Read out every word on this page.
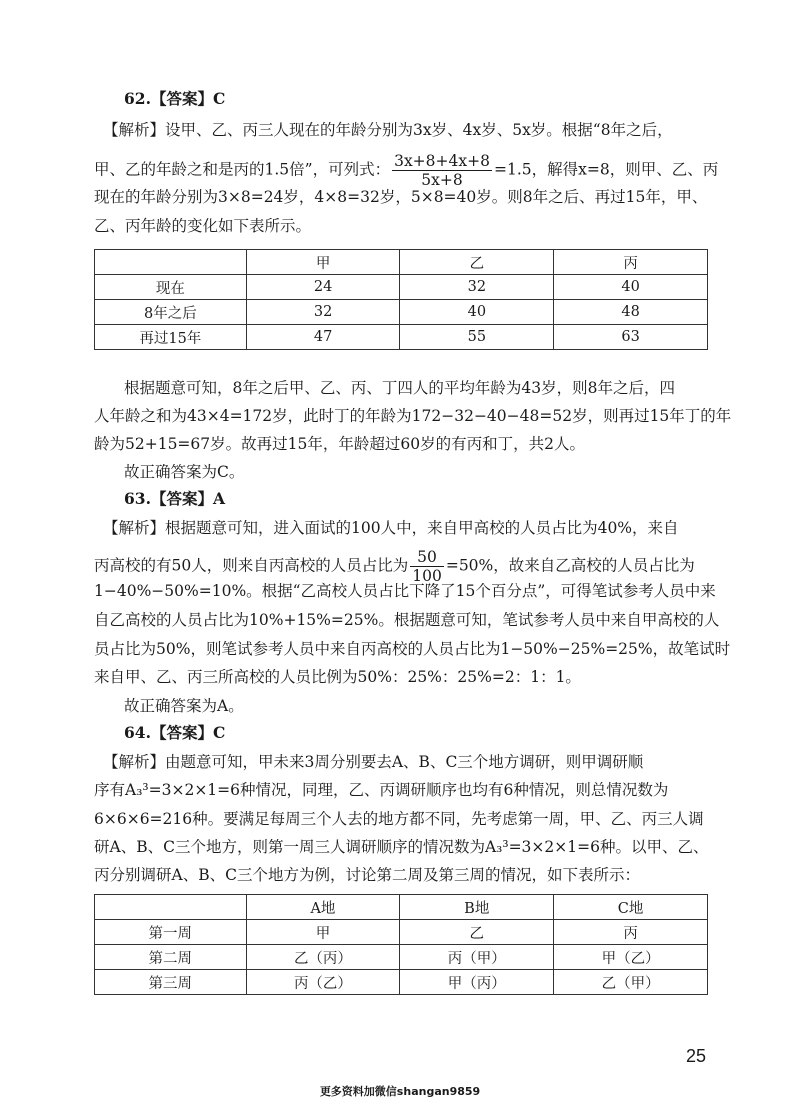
62.【答案】C
【解析】设甲、乙、丙三人现在的年龄分别为3x岁、4x岁、5x岁。根据“8年之后，
甲、乙的年龄之和是丙的1.5倍”，可列式： $\frac{3x+8+4x+8}{5x+8} =1.5$，解得x=8，则甲、乙、丙
现在的年龄分别为3×8=24岁，4×8=32岁，5×8=40岁。则8年之后、再过15年，甲、
乙、丙年龄的变化如下表所示。
	甲	乙	丙
现在	24	32	40
8年之后	32	40	48
再过15年	47	55	63
根据题意可知，8年之后甲、乙、丙、丁四人的平均年龄为43岁，则8年之后，四
人年龄之和为43×4=172岁，此时丁的年龄为172−32−40−48=52岁，则再过15年丁的年
龄为52+15=67岁。故再过15年，年龄超过60岁的有丙和丁，共2人。
故正确答案为C。
63.【答案】A
【解析】根据题意可知，进入面试的100人中，来自甲高校的人员占比为40%，来自
丙高校的有50人，则来自丙高校的人员占比为 $\frac{50}{100} =50\%$，故来自乙高校的人员占比为
1−40%−50%=10%。根据“乙高校人员占比下降了15个百分点”，可得笔试参考人员中来
自乙高校的人员占比为10%+15%=25%。根据题意可知，笔试参考人员中来自甲高校的人
员占比为50%，则笔试参考人员中来自丙高校的人员占比为1−50%−25%=25%，故笔试时
来自甲、乙、丙三所高校的人员比例为50%：25%：25%=2：1：1。
故正确答案为A。
64.【答案】C
【解析】由题意可知，甲未来3周分别要去A、B、C三个地方调研，则甲调研顺
序有A₃³=3×2×1=6种情况，同理，乙、丙调研顺序也均有6种情况，则总情况数为
6×6×6=216种。要满足每周三个人去的地方都不同，先考虑第一周，甲、乙、丙三人调
研A、B、C三个地方，则第一周三人调研顺序的情况数为A₃³=3×2×1=6种。以甲、乙、
丙分别调研A、B、C三个地方为例，讨论第二周及第三周的情况，如下表所示：
	A地	B地	C地
第一周	甲	乙	丙
第二周	乙（丙）	丙（甲）	甲（乙）
第三周	丙（乙）	甲（丙）	乙（甲）
25
更多资料加微信shangan9859
